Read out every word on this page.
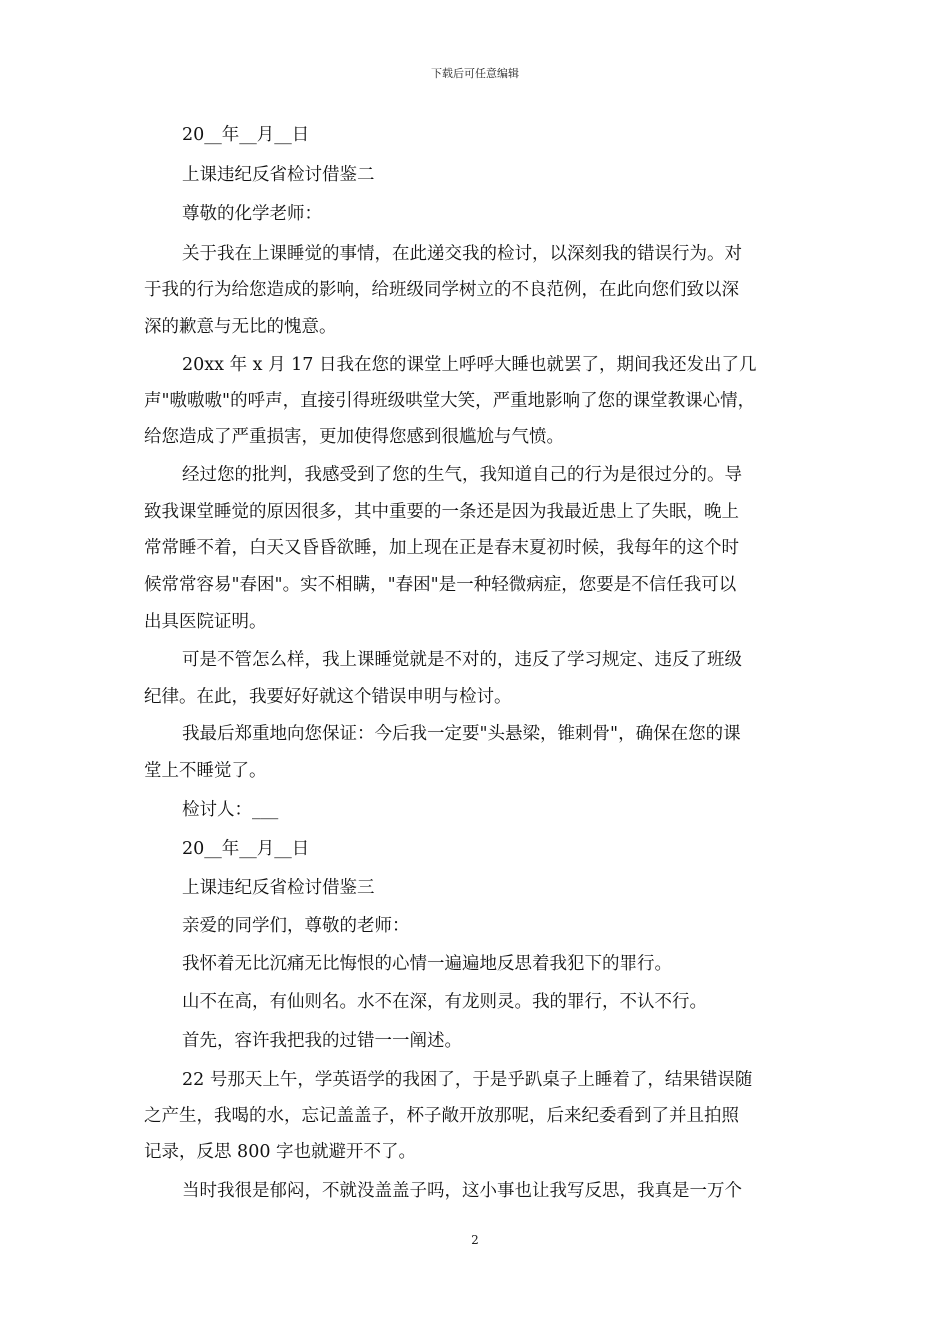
下载后可任意编辑

20__年__月__日

上课违纪反省检讨借鉴二

尊敬的化学老师：

关于我在上课睡觉的事情，在此递交我的检讨，以深刻我的错误行为。对

于我的行为给您造成的影响，给班级同学树立的不良范例，在此向您们致以深

深的歉意与无比的愧意。

20xx 年 x 月 17 日我在您的课堂上呼呼大睡也就罢了，期间我还发出了几

声"嗷嗷嗷"的呼声，直接引得班级哄堂大笑，严重地影响了您的课堂教课心情，

给您造成了严重损害，更加使得您感到很尴尬与气愤。

经过您的批判，我感受到了您的生气，我知道自己的行为是很过分的。导

致我课堂睡觉的原因很多，其中重要的一条还是因为我最近患上了失眠，晚上

常常睡不着，白天又昏昏欲睡，加上现在正是春末夏初时候，我每年的这个时

候常常容易"春困"。实不相瞒，"春困"是一种轻微病症，您要是不信任我可以

出具医院证明。

可是不管怎么样，我上课睡觉就是不对的，违反了学习规定、违反了班级

纪律。在此，我要好好就这个错误申明与检讨。

我最后郑重地向您保证：今后我一定要"头悬梁，锥刺骨"，确保在您的课

堂上不睡觉了。

检讨人：___

20__年__月__日

上课违纪反省检讨借鉴三

亲爱的同学们，尊敬的老师：

我怀着无比沉痛无比悔恨的心情一遍遍地反思着我犯下的罪行。

山不在高，有仙则名。水不在深，有龙则灵。我的罪行，不认不行。

首先，容许我把我的过错一一阐述。

22 号那天上午，学英语学的我困了，于是乎趴桌子上睡着了，结果错误随

之产生，我喝的水，忘记盖盖子，杯子敞开放那呢，后来纪委看到了并且拍照

记录，反思 800 字也就避开不了。

当时我很是郁闷，不就没盖盖子吗，这小事也让我写反思，我真是一万个

2
